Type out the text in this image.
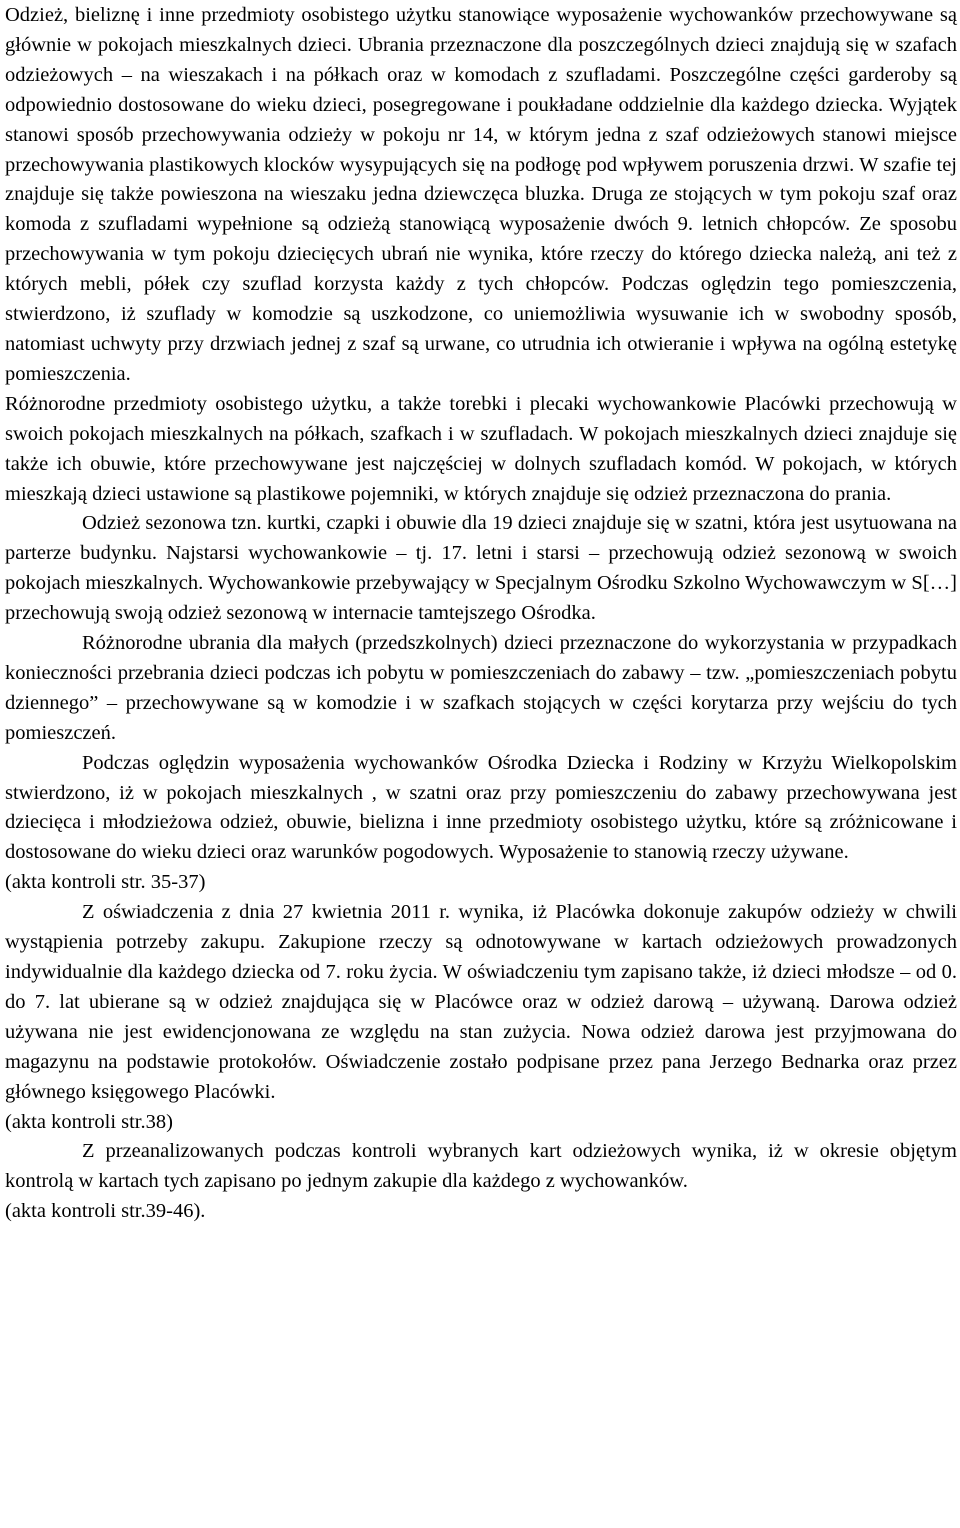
Odzież, bieliznę i inne przedmioty osobistego użytku stanowiące wyposażenie wychowanków przechowywane są głównie w pokojach mieszkalnych dzieci. Ubrania przeznaczone dla poszczególnych dzieci znajdują się w szafach odzieżowych – na wieszakach i na półkach oraz w komodach z szufladami. Poszczególne części garderoby są odpowiednio dostosowane do wieku dzieci, posegregowane i poukładane oddzielnie dla każdego dziecka. Wyjątek stanowi sposób przechowywania odzieży w pokoju nr 14, w którym jedna z szaf odzieżowych stanowi miejsce przechowywania plastikowych klocków wysypujących się na podłogę pod wpływem poruszenia drzwi. W szafie tej znajduje się także powieszona na wieszaku jedna dziewczęca bluzka. Druga ze stojących w tym pokoju szaf oraz komoda z szufladami wypełnione są odzieżą stanowiącą wyposażenie dwóch 9. letnich chłopców. Ze sposobu przechowywania w tym pokoju dziecięcych ubrań nie wynika, które rzeczy do którego dziecka należą, ani też z których mebli, półek czy szuflad korzysta każdy z tych chłopców. Podczas oględzin tego pomieszczenia, stwierdzono, iż szuflady w komodzie są uszkodzone, co uniemożliwia wysuwanie ich w swobodny sposób, natomiast uchwyty przy drzwiach jednej z szaf są urwane, co utrudnia ich otwieranie i wpływa na ogólną estetykę pomieszczenia.

Różnorodne przedmioty osobistego użytku, a także torebki i plecaki wychowankowie Placówki przechowują w swoich pokojach mieszkalnych na półkach, szafkach i w szufladach. W pokojach mieszkalnych dzieci znajduje się także ich obuwie, które przechowywane jest najczęściej w dolnych szufladach komód. W pokojach, w których mieszkają dzieci ustawione są plastikowe pojemniki, w których znajduje się odzież przeznaczona do prania.

Odzież sezonowa tzn. kurtki, czapki i obuwie dla 19 dzieci znajduje się w szatni, która jest usytuowana na parterze budynku. Najstarsi wychowankowie – tj. 17. letni i starsi – przechowują odzież sezonową w swoich pokojach mieszkalnych. Wychowankowie przebywający w Specjalnym Ośrodku Szkolno Wychowawczym w S[…] przechowują swoją odzież sezonową w internacie tamtejszego Ośrodka.

Różnorodne ubrania dla małych (przedszkolnych) dzieci przeznaczone do wykorzystania w przypadkach konieczności przebrania dzieci podczas ich pobytu w pomieszczeniach do zabawy – tzw. „pomieszczeniach pobytu dziennego” – przechowywane są w komodzie i w szafkach stojących w części korytarza przy wejściu do tych pomieszczeń.

Podczas oględzin wyposażenia wychowanków Ośrodka Dziecka i Rodziny w Krzyżu Wielkopolskim stwierdzono, iż w pokojach mieszkalnych , w szatni oraz przy pomieszczeniu do zabawy przechowywana jest dziecięca i młodzieżowa odzież, obuwie, bielizna i inne przedmioty osobistego użytku, które są zróżnicowane i dostosowane do wieku dzieci oraz warunków pogodowych. Wyposażenie to stanowią rzeczy używane.

(akta kontroli str. 35-37)

Z oświadczenia z dnia 27 kwietnia 2011 r. wynika, iż Placówka dokonuje zakupów odzieży w chwili wystąpienia potrzeby zakupu. Zakupione rzeczy są odnotowywane w kartach odzieżowych prowadzonych indywidualnie dla każdego dziecka od 7. roku życia. W oświadczeniu tym zapisano także, iż dzieci młodsze – od 0. do 7. lat ubierane są w odzież znajdująca się w Placówce oraz w odzież darową – używaną. Darowa odzież używana nie jest ewidencjonowana ze względu na stan zużycia. Nowa odzież darowa jest przyjmowana do magazynu na podstawie protokołów. Oświadczenie zostało podpisane przez pana Jerzego Bednarka oraz przez głównego księgowego Placówki.

(akta kontroli str.38)

Z przeanalizowanych podczas kontroli wybranych kart odzieżowych wynika, iż w okresie objętym kontrolą w kartach tych zapisano po jednym zakupie dla każdego z wychowanków.

(akta kontroli str.39-46).
